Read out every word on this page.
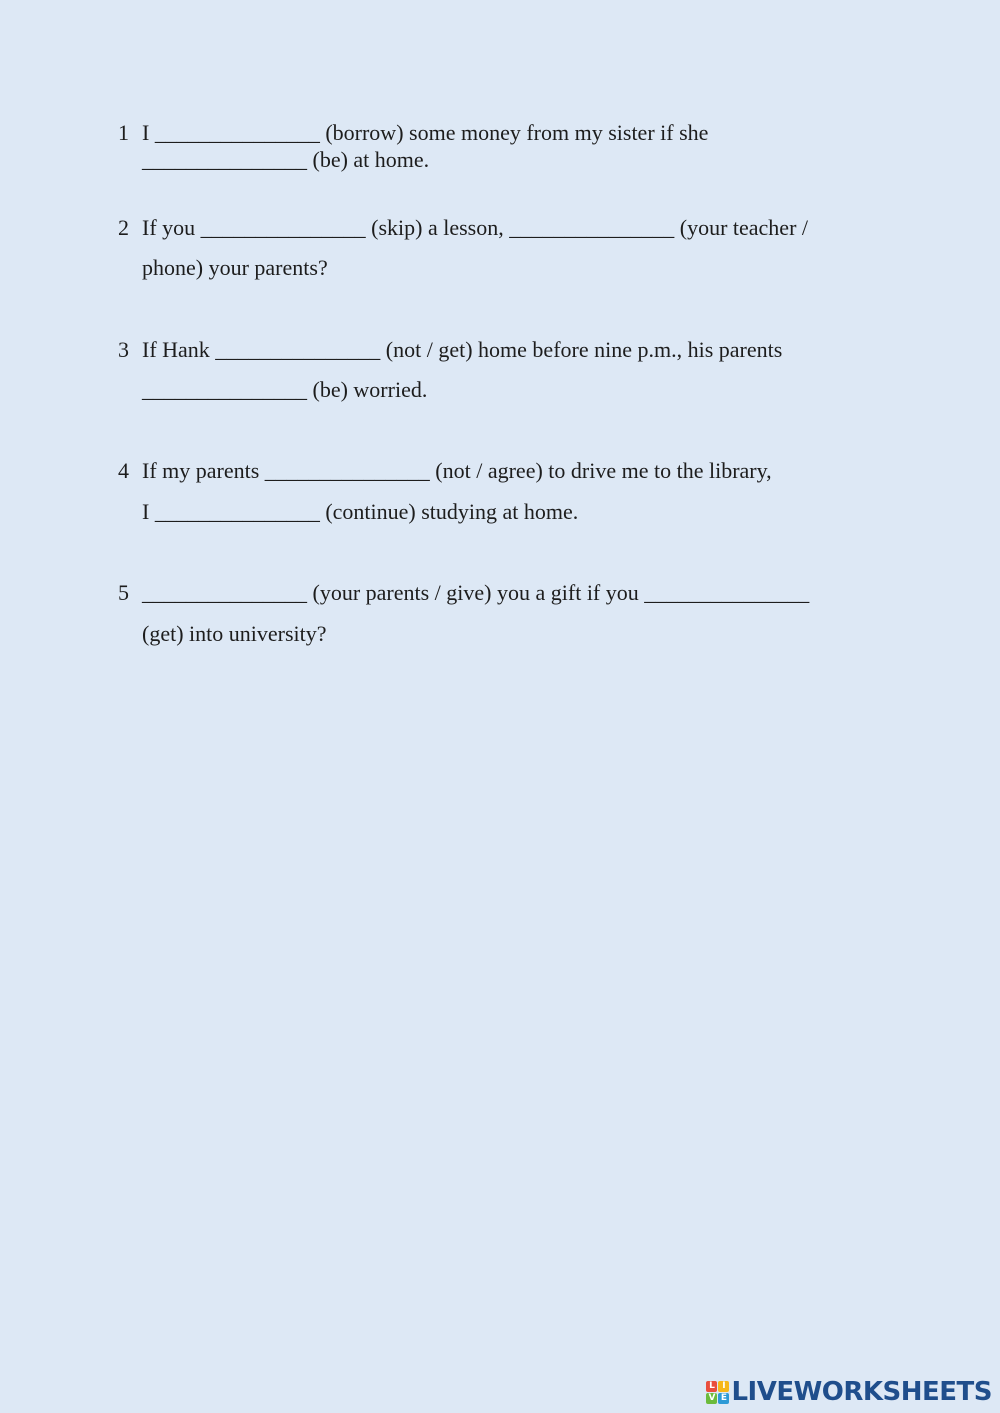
1 I _______________ (borrow) some money from my sister if she

_______________ (be) at home.

2 If you _______________ (skip) a lesson, _______________ (your teacher /

phone) your parents?

3 If Hank _______________ (not / get) home before nine p.m., his parents

_______________ (be) worried.

4 If my parents _______________ (not / agree) to drive me to the library,

I _______________ (continue) studying at home.

5 _______________ (your parents / give) you a gift if you _______________

(get) into university?

L I
V E LIVEWORKSHEETS
